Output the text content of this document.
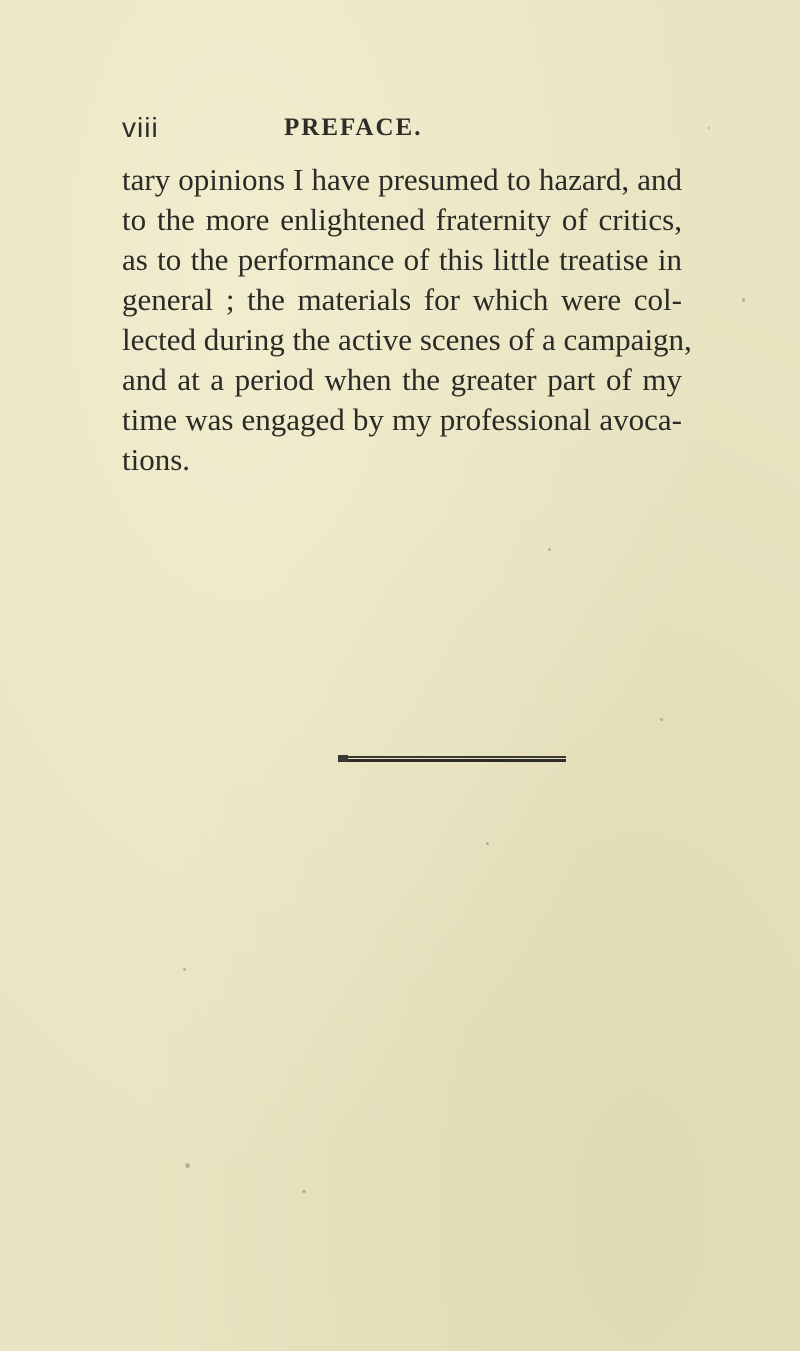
viii	PREFACE.
tary opinions I have presumed to hazard, and
to the more enlightened fraternity of critics,
as to the performance of this little treatise in
general ; the materials for which were col-
lected during the active scenes of a campaign,
and at a period when the greater part of my
time was engaged by my professional avoca-
tions.
